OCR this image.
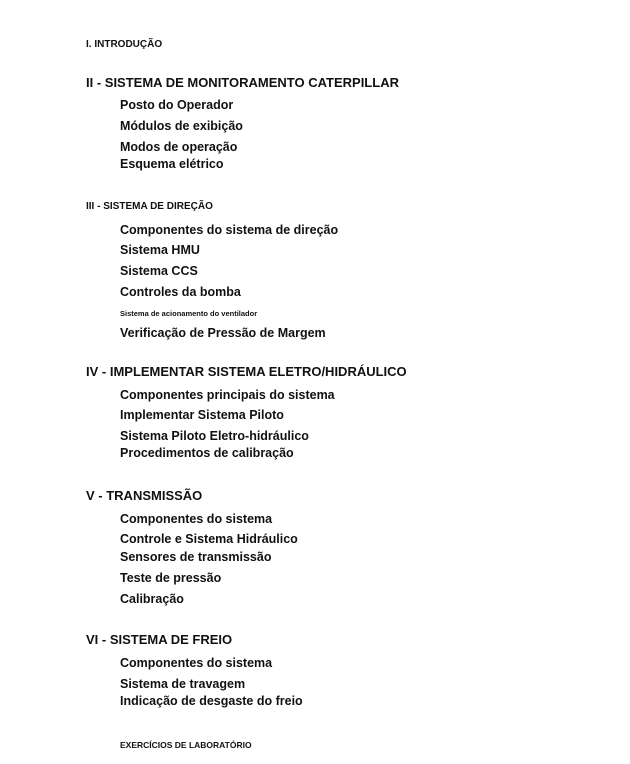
I. INTRODUÇÃO
II - SISTEMA DE MONITORAMENTO CATERPILLAR
Posto do Operador
Módulos de exibição
Modos de operação
Esquema elétrico
III - SISTEMA DE DIREÇÃO
Componentes do sistema de direção
Sistema HMU
Sistema CCS
Controles da bomba
Sistema de acionamento do ventilador
Verificação de Pressão de Margem
IV - IMPLEMENTAR SISTEMA ELETRO/HIDRÁULICO
Componentes principais do sistema
Implementar Sistema Piloto
Sistema Piloto Eletro-hidráulico
Procedimentos de calibração
V - TRANSMISSÃO
Componentes do sistema
Controle e Sistema Hidráulico
Sensores de transmissão
Teste de pressão
Calibração
VI - SISTEMA DE FREIO
Componentes do sistema
Sistema de travagem
Indicação de desgaste do freio
EXERCÍCIOS DE LABORATÓRIO
